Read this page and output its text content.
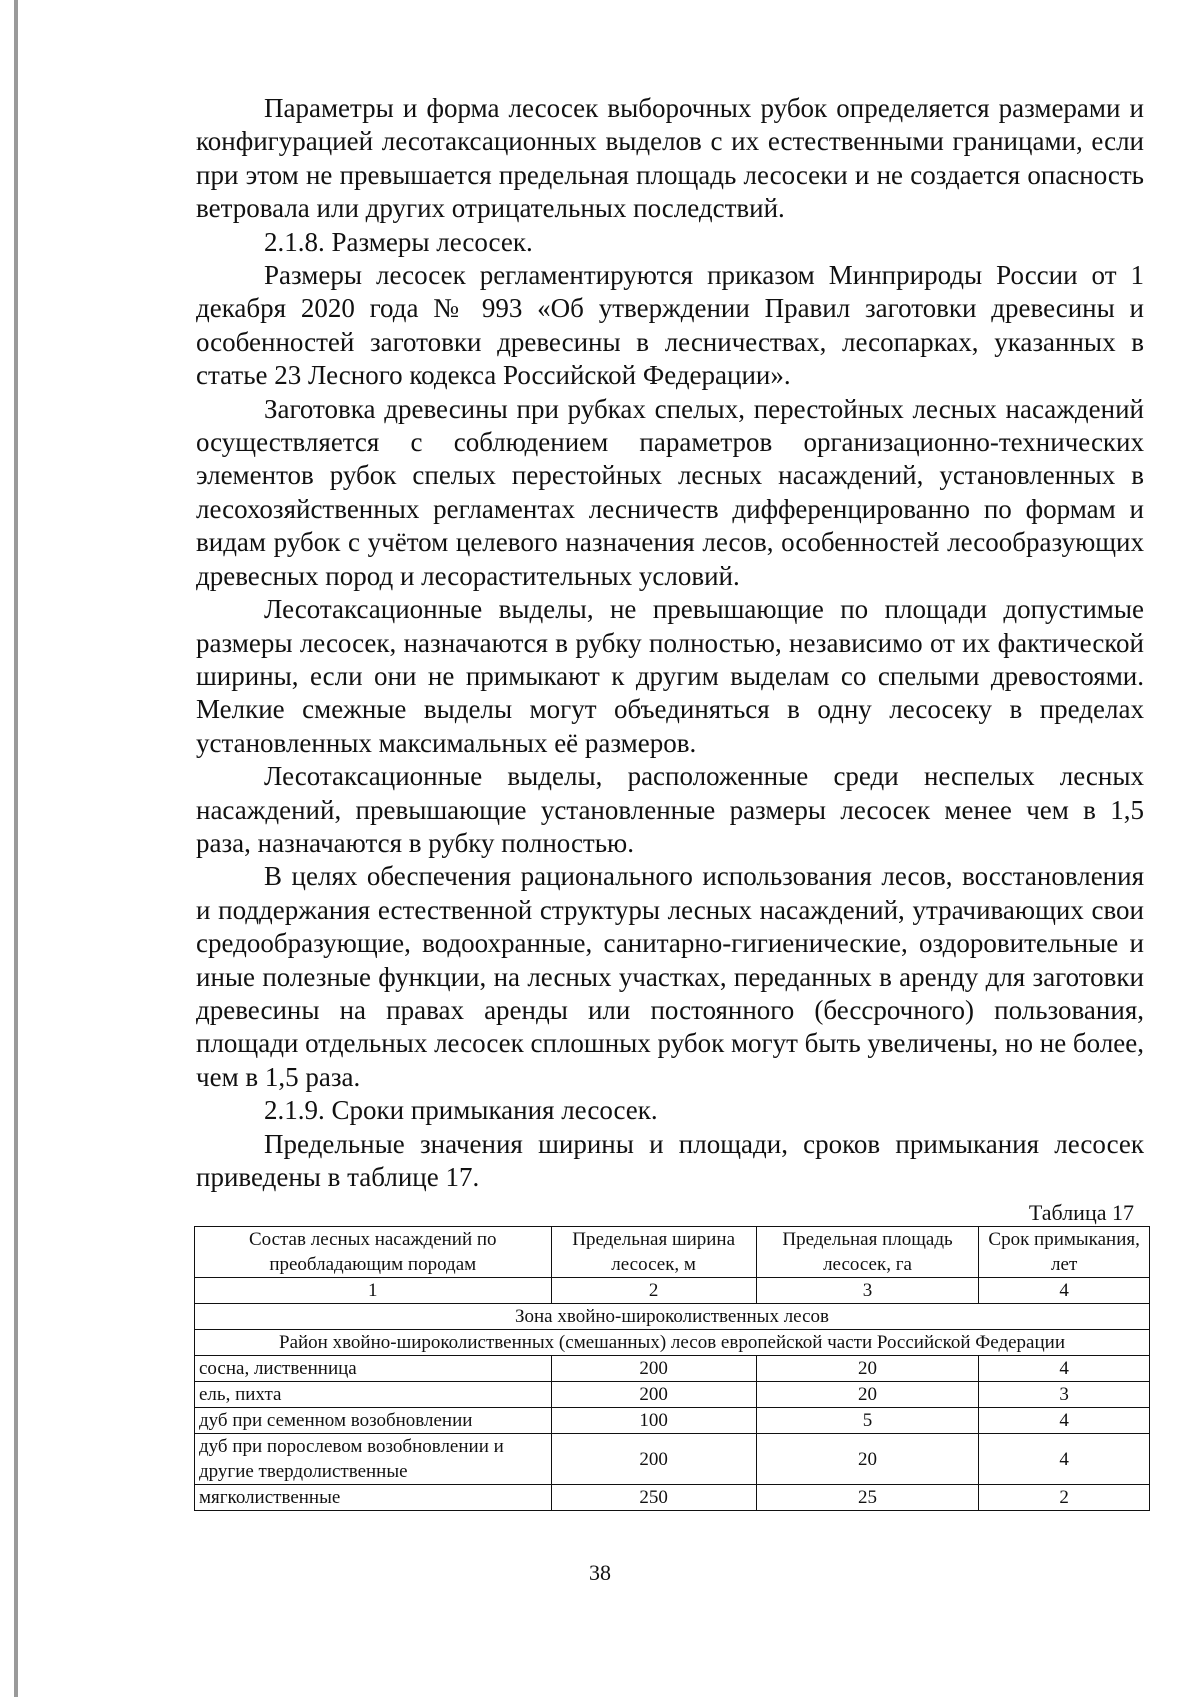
Параметры и форма лесосек выборочных рубок определяется размерами и конфигурацией лесотаксационных выделов с их естественными границами, если при этом не превышается предельная площадь лесосеки и не создается опасность ветровала или других отрицательных последствий.

2.1.8. Размеры лесосек.

Размеры лесосек регламентируются приказом Минприроды России от 1 декабря 2020 года № 993 «Об утверждении Правил заготовки древесины и особенностей заготовки древесины в лесничествах, лесопарках, указанных в статье 23 Лесного кодекса Российской Федерации».

Заготовка древесины при рубках спелых, перестойных лесных насаждений осуществляется с соблюдением параметров организационно-технических элементов рубок спелых перестойных лесных насаждений, установленных в лесохозяйственных регламентах лесничеств дифференцированно по формам и видам рубок с учётом целевого назначения лесов, особенностей лесообразующих древесных пород и лесорастительных условий.

Лесотаксационные выделы, не превышающие по площади допустимые размеры лесосек, назначаются в рубку полностью, независимо от их фактической ширины, если они не примыкают к другим выделам со спелыми древостоями. Мелкие смежные выделы могут объединяться в одну лесосеку в пределах установленных максимальных её размеров.

Лесотаксационные выделы, расположенные среди неспелых лесных насаждений, превышающие установленные размеры лесосек менее чем в 1,5 раза, назначаются в рубку полностью.

В целях обеспечения рационального использования лесов, восстановления и поддержания естественной структуры лесных насаждений, утрачивающих свои средообразующие, водоохранные, санитарно-гигиенические, оздоровительные и иные полезные функции, на лесных участках, переданных в аренду для заготовки древесины на правах аренды или постоянного (бессрочного) пользования, площади отдельных лесосек сплошных рубок могут быть увеличены, но не более, чем в 1,5 раза.

2.1.9. Сроки примыкания лесосек.

Предельные значения ширины и площади, сроков примыкания лесосек приведены в таблице 17.

Таблица 17
Состав лесных насаждений по преобладающим породам	Предельная ширина лесосек, м	Предельная площадь лесосек, га	Срок примыкания, лет
1	2	3	4
Зона хвойно-широколиственных лесов			
Район хвойно-широколиственных (смешанных) лесов европейской части Российской Федерации			
сосна, лиственница	200	20	4
ель, пихта	200	20	3
дуб при семенном возобновлении	100	5	4
дуб при порослевом возобновлении и другие твердолиственные	200	20	4
мягколиственные	250	25	2
38
